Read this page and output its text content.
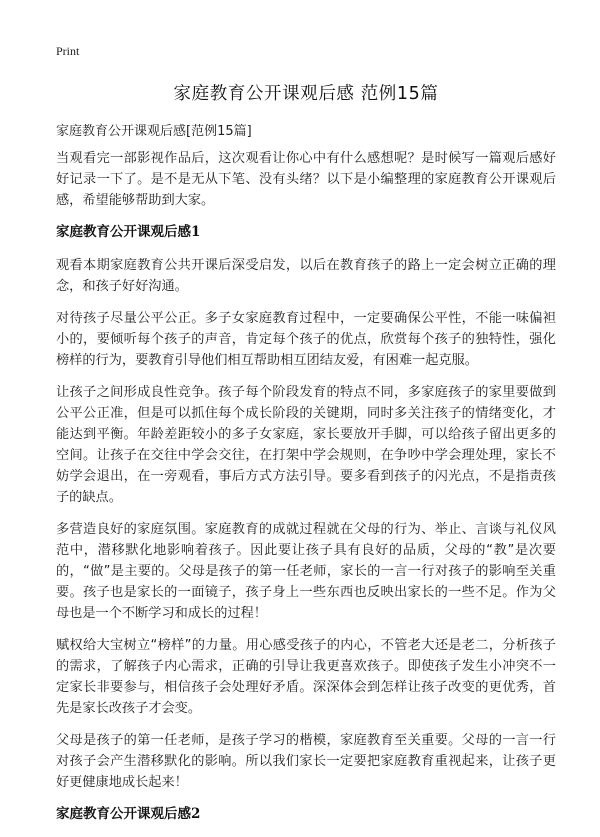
Print
家庭教育公开课观后感 范例15篇
家庭教育公开课观后感[范例15篇]

当观看完一部影视作品后，这次观看让你心中有什么感想呢？是时候写一篇观后感好好记录一下了。是不是无从下笔、没有头绪？以下是小编整理的家庭教育公开课观后感，希望能够帮助到大家。

家庭教育公开课观后感1

观看本期家庭教育公共开课后深受启发，以后在教育孩子的路上一定会树立正确的理念，和孩子好好沟通。

对待孩子尽量公平公正。多子女家庭教育过程中，一定要确保公平性，不能一味偏袒小的，要倾听每个孩子的声音，肯定每个孩子的优点，欣赏每个孩子的独特性，强化榜样的行为，要教育引导他们相互帮助相互团结友爱，有困难一起克服。

让孩子之间形成良性竞争。孩子每个阶段发育的特点不同，多家庭孩子的家里要做到公平公正准，但是可以抓住每个成长阶段的关键期，同时多关注孩子的情绪变化，才能达到平衡。年龄差距较小的多子女家庭，家长要放开手脚，可以给孩子留出更多的空间。让孩子在交往中学会交往，在打架中学会规则，在争吵中学会理处理，家长不妨学会退出，在一旁观看，事后方式方法引导。要多看到孩子的闪光点，不是指责孩子的缺点。

多营造良好的家庭氛围。家庭教育的成就过程就在父母的行为、举止、言谈与礼仪风范中，潜移默化地影响着孩子。因此要让孩子具有良好的品质，父母的“教”是次要的，“做”是主要的。父母是孩子的第一任老师，家长的一言一行对孩子的影响至关重要。孩子也是家长的一面镜子，孩子身上一些东西也反映出家长的一些不足。作为父母也是一个不断学习和成长的过程！

赋权给大宝树立“榜样”的力量。用心感受孩子的内心，不管老大还是老二，分析孩子的需求，了解孩子内心需求，正确的引导让我更喜欢孩子。即使孩子发生小冲突不一定家长非要参与，相信孩子会处理好矛盾。深深体会到怎样让孩子改变的更优秀，首先是家长改孩子才会变。

父母是孩子的第一任老师，是孩子学习的楷模，家庭教育至关重要。父母的一言一行对孩子会产生潜移默化的影响。所以我们家长一定要把家庭教育重视起来，让孩子更好更健康地成长起来！

家庭教育公开课观后感2
